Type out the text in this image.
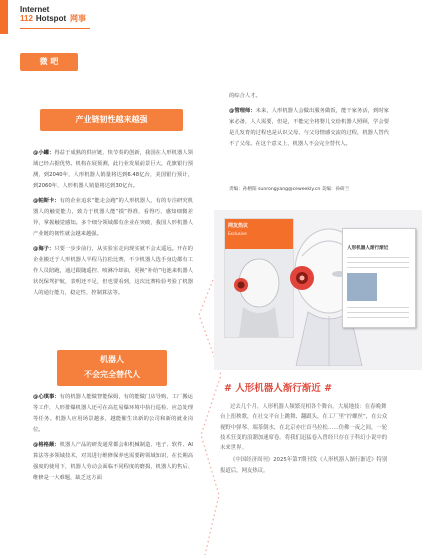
Internet
112 Hotspot 网事
微 吧
产业链韧性越来越强

@小罐：得益于成熟的供应链、快节奏的创新，我国在人形机器人领域已经占据优势。机构在展预测，此行业发展前景巨大，花旗银行预测，到2040年，人形机器人销量将达到6.48亿台，美国银行预计，到2060年，人形机器人销量将达到30亿台。

@帕斯卡：有的企业追求“能走会跑”的人形机器人，有的专注研究机器人的触觉能力，致力于机器人能“摸”得准，看得巧、感知细微差异，掌握触觉感知。多个细分领域都有企业在突破，我国人形机器人产业链的韧性就会越来越强。

@海子：只要一步步前行，从实验室走向现实就不会太遥远。开在的企业搬迁于人形机器人半程马拉松比赛，不少机器人选手身边都有工作人员陪跑，通过跟随遥控、喷淋冷却油，更换“补给”电池来机器人状况保驾护航，表明还不足，但也要看到，这次比赛检验考验了机器人的通行能力，稳定性，控制算法等。

机器人
不会完全替代人

@心琪事：有的机器人能做智能保姆，有的能做门店导购，工厂搬运等工作，人形排爆机器人还可在高危易爆环境中执行巡检、应急处理等任务。机器人应用场景越多，越能催生出新的公司和新的就业岗位。

@格格颠：机器人产品的研发通常都会和机械制造、电子、软件、AI算法等多领域技术，对其进行维修保养也需要跨领域知识，在长期高强度的使用下，机器人劳动会面临不同程度的磨损，机器人的售后、维修是一大难题，缺乏这方面

的综合人才。

@管理师：未来，人形机器人会做出服务做饭，能干家务活，到时家家必备，人人需要，但是，不能完全将婴儿交给机器人照顾，学会要是儿发育的过程也是认识父母，与父母情感交流的过程，机器人替代不了父母。在这个意义上，机器人不会完全替代人。

责编：孙榕阳 sunrongyang@ceweekly.cn 美编：孙研兰
网友热议
Exclusive
人形机器人渐行渐近
# 人形机器人渐行渐近 #

过去几个月，人形机器人频繁亮相各个舞台。大展地技：在春晚舞台上扭秧歌，在社交平台上跳舞、翻跟头，在工厂里“拧螺丝”，在公众视野中弹琴、端茶倒水，在北京亦庄首马拉松……仿佛一夜之间，一轮技术狂变的浪潮加速席卷。将我们迅猛卷入曾经只存在于科幻小说中的未来世界。

《中国经济周刊》2025年第7期刊发《人形机器人渐行渐近》特别报道后，网友热议。
